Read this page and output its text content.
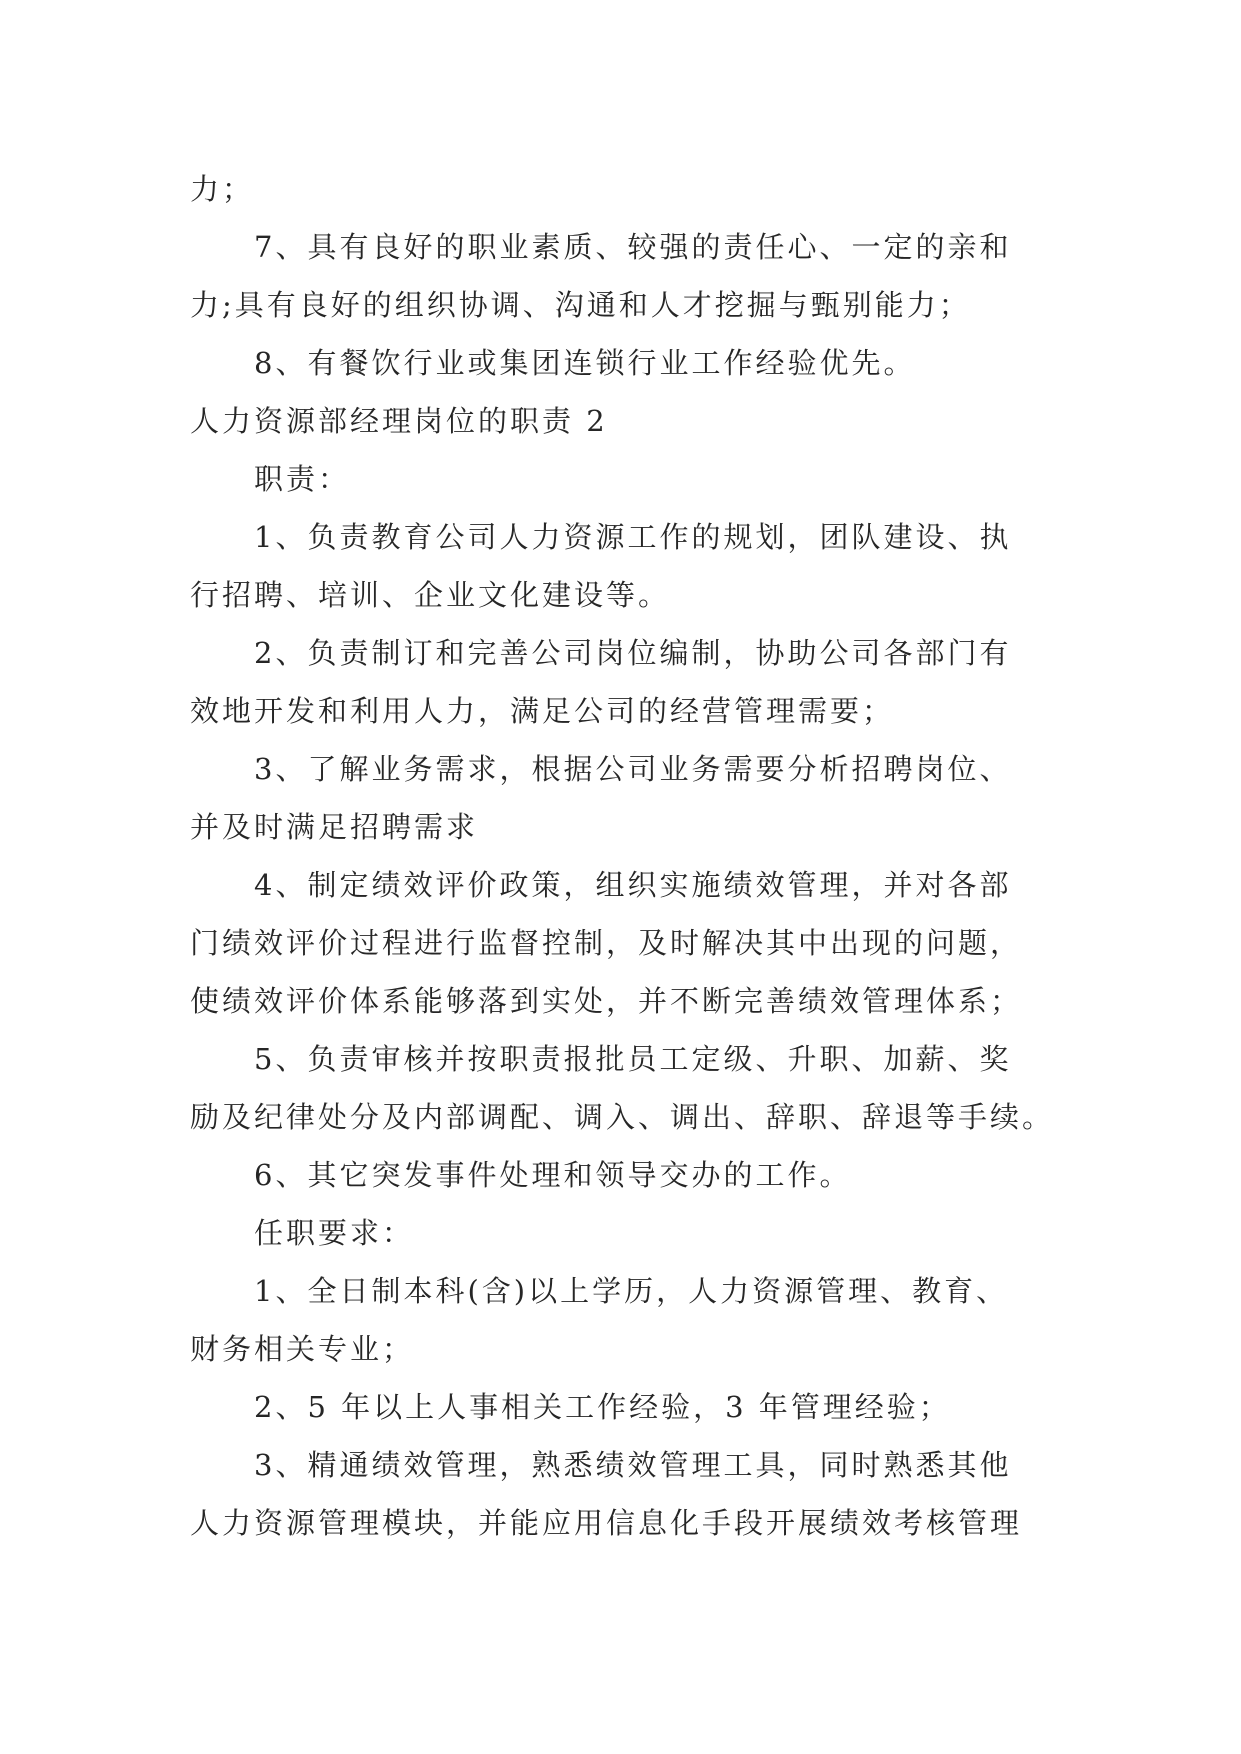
力；
7、具有良好的职业素质、较强的责任心、一定的亲和
力;具有良好的组织协调、沟通和人才挖掘与甄别能力；
8、有餐饮行业或集团连锁行业工作经验优先。
人力资源部经理岗位的职责 2
职责：
1、负责教育公司人力资源工作的规划，团队建设、执
行招聘、培训、企业文化建设等。
2、负责制订和完善公司岗位编制，协助公司各部门有
效地开发和利用人力，满足公司的经营管理需要；
3、了解业务需求，根据公司业务需要分析招聘岗位、
并及时满足招聘需求
4、制定绩效评价政策，组织实施绩效管理，并对各部
门绩效评价过程进行监督控制，及时解决其中出现的问题，
使绩效评价体系能够落到实处，并不断完善绩效管理体系；
5、负责审核并按职责报批员工定级、升职、加薪、奖
励及纪律处分及内部调配、调入、调出、辞职、辞退等手续。
6、其它突发事件处理和领导交办的工作。
任职要求：
1、全日制本科(含)以上学历，人力资源管理、教育、
财务相关专业；
2、5 年以上人事相关工作经验，3 年管理经验；
3、精通绩效管理，熟悉绩效管理工具，同时熟悉其他
人力资源管理模块，并能应用信息化手段开展绩效考核管理
